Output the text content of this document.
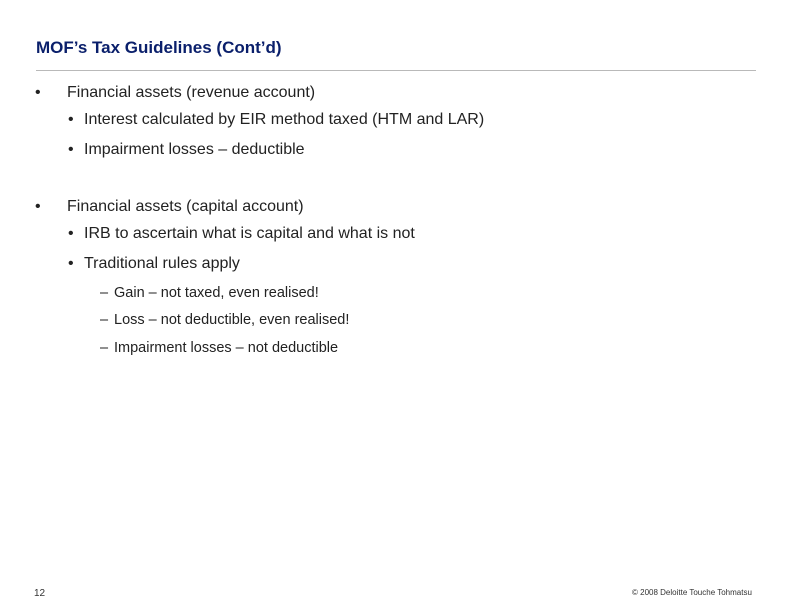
MOF’s Tax Guidelines (Cont’d)
• Financial assets (revenue account)
• Interest calculated by EIR method taxed (HTM and LAR)
• Impairment losses – deductible
• Financial assets (capital account)
• IRB to ascertain what is capital and what is not
• Traditional rules apply
– Gain – not taxed, even realised!
– Loss – not deductible, even realised!
– Impairment losses – not deductible
12	© 2008 Deloitte Touche Tohmatsu
